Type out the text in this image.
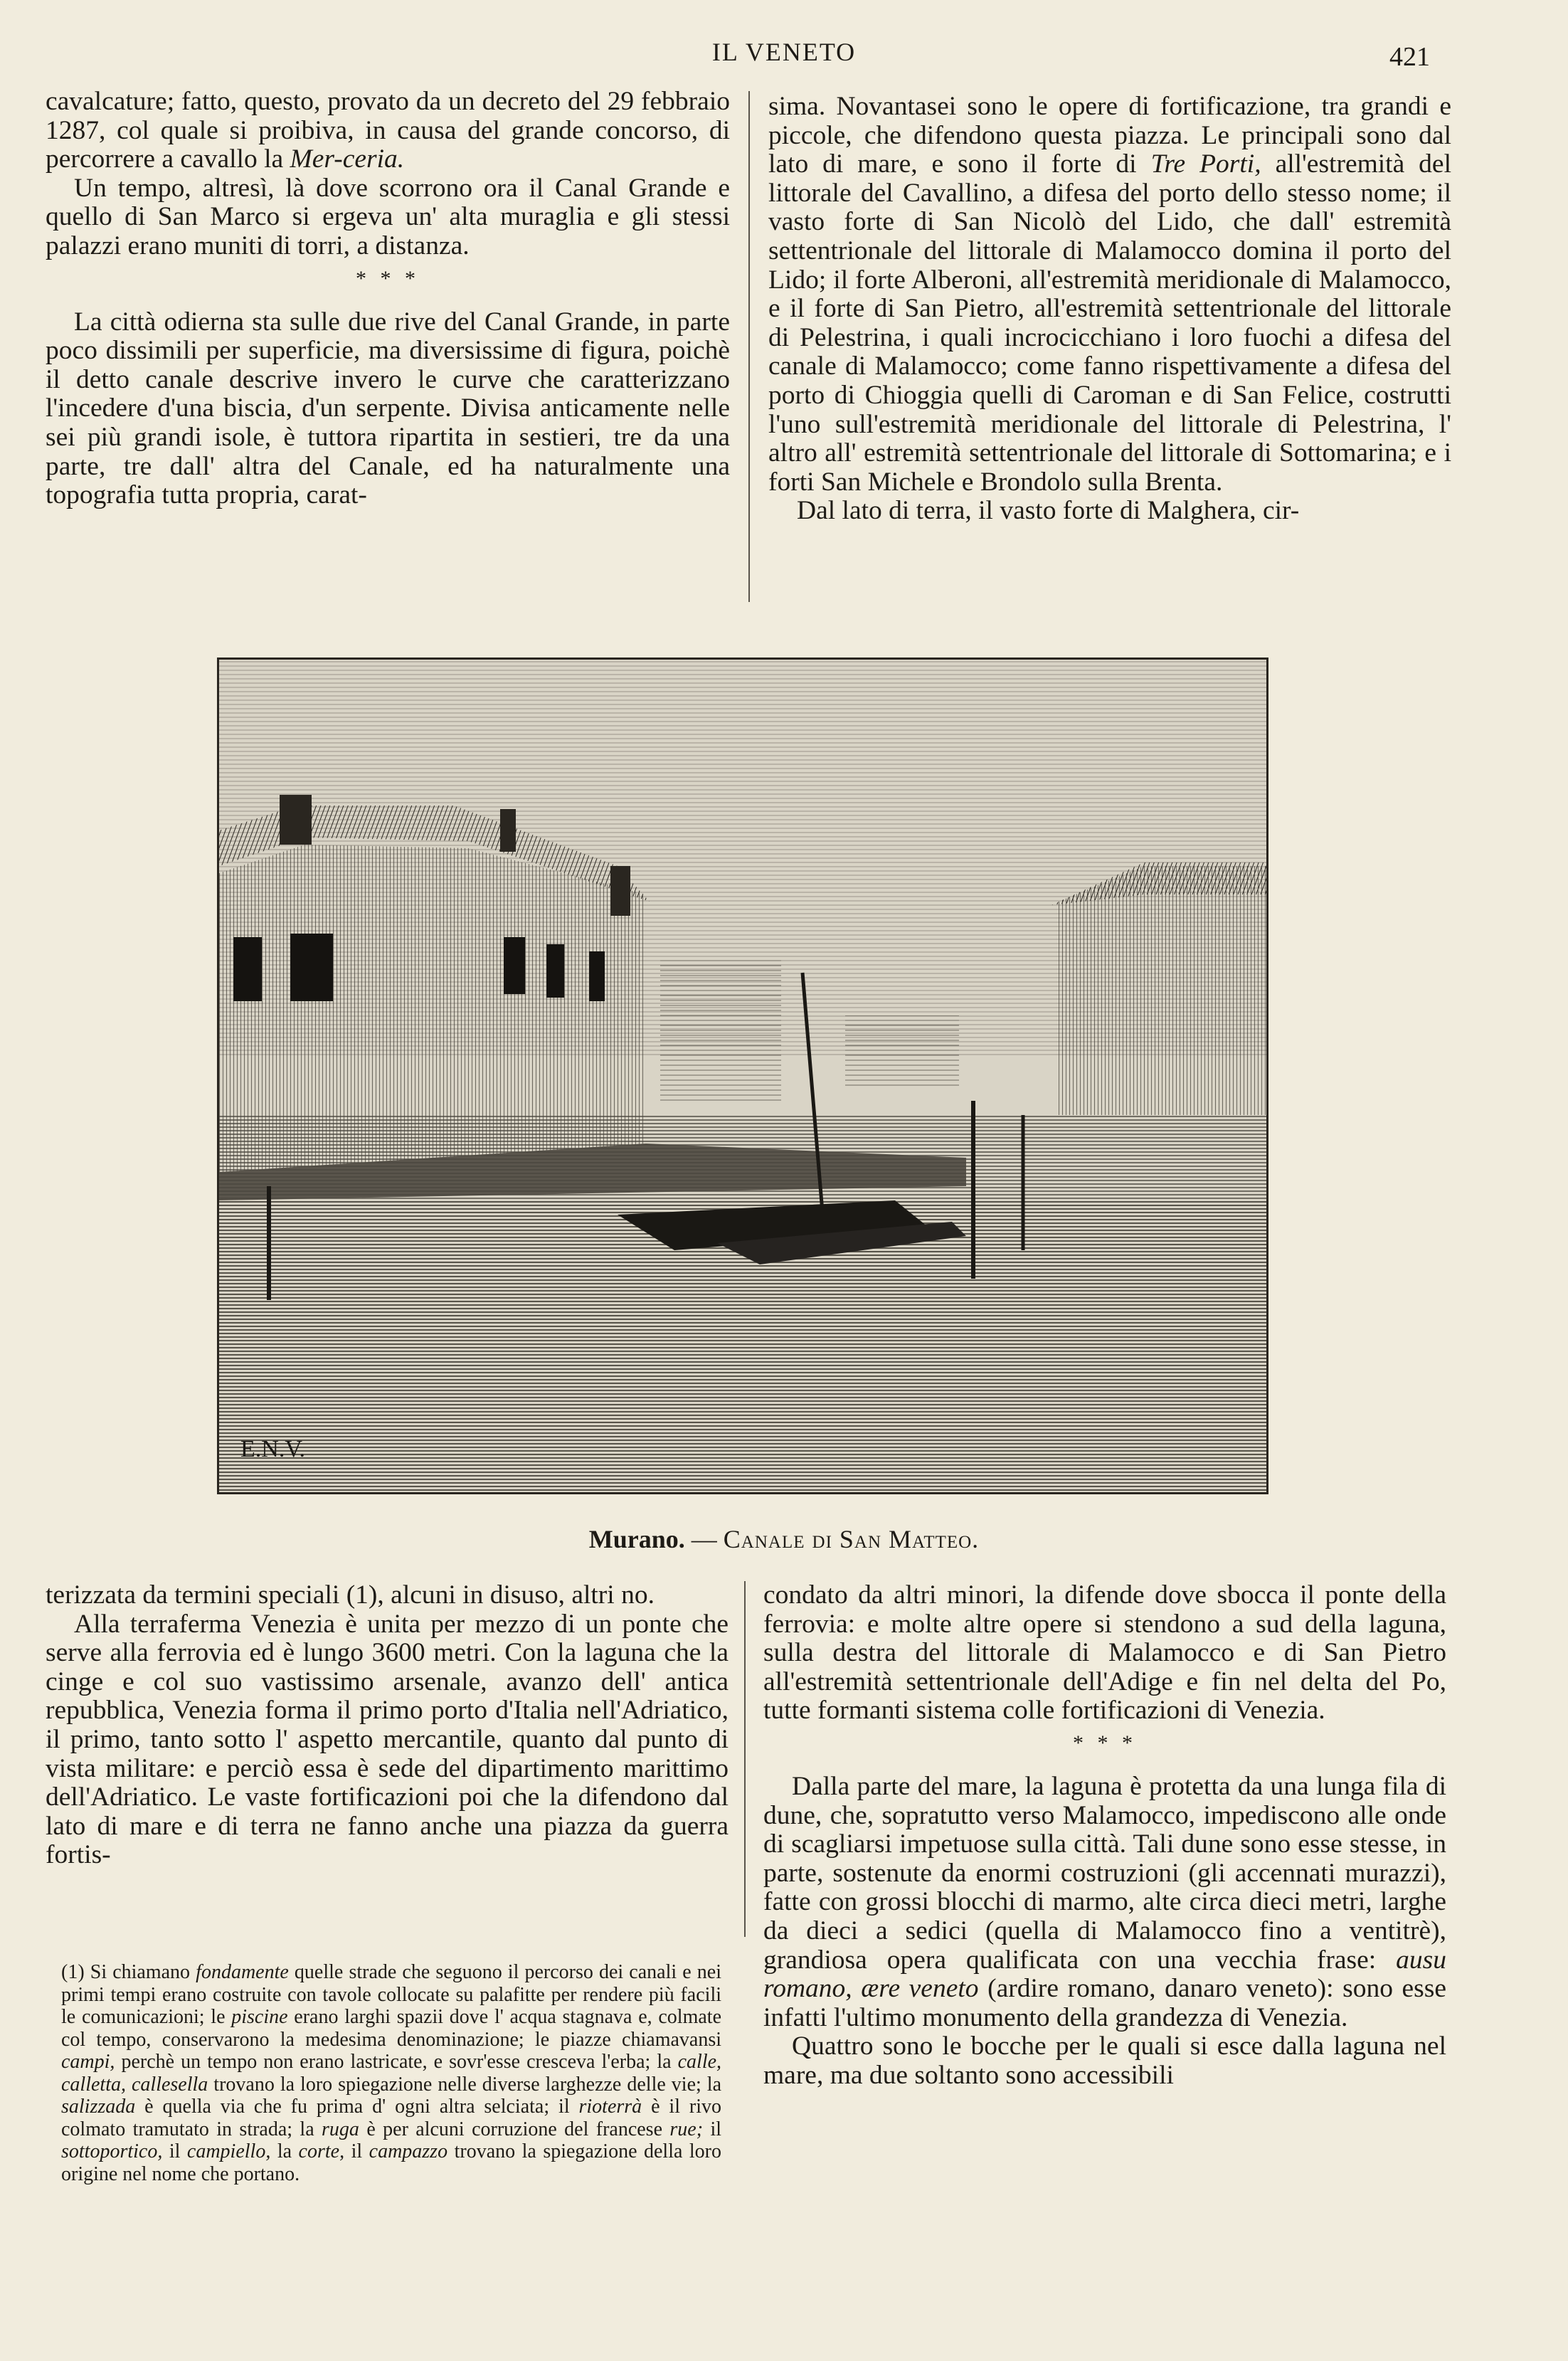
IL VENETO	421

cavalcature; fatto, questo, provato da un decreto del 29 febbraio 1287, col quale si proibiva, in causa del grande concorso, di percorrere a cavallo la Mer-ceria.

Un tempo, altresì, là dove scorrono ora il Canal Grande e quello di San Marco si ergeva un' alta muraglia e gli stessi palazzi erano muniti di torri, a distanza.

* * *

La città odierna sta sulle due rive del Canal Grande, in parte poco dissimili per superficie, ma diversissime di figura, poichè il detto canale descrive invero le curve che caratterizzano l'incedere d'una biscia, d'un serpente. Divisa anticamente nelle sei più grandi isole, è tuttora ripartita in sestieri, tre da una parte, tre dall' altra del Canale, ed ha naturalmente una topografia tutta propria, carat-

sima. Novantasei sono le opere di fortificazione, tra grandi e piccole, che difendono questa piazza. Le principali sono dal lato di mare, e sono il forte di Tre Porti, all'estremità del littorale del Cavallino, a difesa del porto dello stesso nome; il vasto forte di San Nicolò del Lido, che dall' estremità settentrionale del littorale di Malamocco domina il porto del Lido; il forte Alberoni, all'estremità meridionale di Malamocco, e il forte di San Pietro, all'estremità settentrionale del littorale di Pelestrina, i quali incrocicchiano i loro fuochi a difesa del canale di Malamocco; come fanno rispettivamente a difesa del porto di Chioggia quelli di Caroman e di San Felice, costrutti l'uno sull'estremità meridionale del littorale di Pelestrina, l' altro all' estremità settentrionale del littorale di Sottomarina; e i forti San Michele e Brondolo sulla Brenta.

Dal lato di terra, il vasto forte di Malghera, cir-

E.N.V.
Murano. — Canale di San Matteo.

terizzata da termini speciali (1), alcuni in disuso, altri no.

Alla terraferma Venezia è unita per mezzo di un ponte che serve alla ferrovia ed è lungo 3600 metri. Con la laguna che la cinge e col suo vastissimo arsenale, avanzo dell' antica repubblica, Venezia forma il primo porto d'Italia nell'Adriatico, il primo, tanto sotto l' aspetto mercantile, quanto dal punto di vista militare: e perciò essa è sede del dipartimento marittimo dell'Adriatico. Le vaste fortificazioni poi che la difendono dal lato di mare e di terra ne fanno anche una piazza da guerra fortis-

condato da altri minori, la difende dove sbocca il ponte della ferrovia: e molte altre opere si stendono a sud della laguna, sulla destra del littorale di Malamocco e di San Pietro all'estremità settentrionale dell'Adige e fin nel delta del Po, tutte formanti sistema colle fortificazioni di Venezia.

* * *

Dalla parte del mare, la laguna è protetta da una lunga fila di dune, che, sopratutto verso Malamocco, impediscono alle onde di scagliarsi impetuose sulla città. Tali dune sono esse stesse, in parte, sostenute da enormi costruzioni (gli accennati murazzi), fatte con grossi blocchi di marmo, alte circa dieci metri, larghe da dieci a sedici (quella di Malamocco fino a ventitrè), grandiosa opera qualificata con una vecchia frase: ausu romano, ære veneto (ardire romano, danaro veneto): sono esse infatti l'ultimo monumento della grandezza di Venezia.

Quattro sono le bocche per le quali si esce dalla laguna nel mare, ma due soltanto sono accessibili

(1) Si chiamano fondamente quelle strade che seguono il percorso dei canali e nei primi tempi erano costruite con tavole collocate su palafitte per rendere più facili le comunicazioni; le piscine erano larghi spazii dove l' acqua stagnava e, colmate col tempo, conservarono la medesima denominazione; le piazze chiamavansi campi, perchè un tempo non erano lastricate, e sovr'esse cresceva l'erba; la calle, calletta, callesella trovano la loro spiegazione nelle diverse larghezze delle vie; la salizzada è quella via che fu prima d' ogni altra selciata; il rioterrà è il rivo colmato tramutato in strada; la ruga è per alcuni corruzione del francese rue; il sottoportico, il campiello, la corte, il campazzo trovano la spiegazione della loro origine nel nome che portano.
